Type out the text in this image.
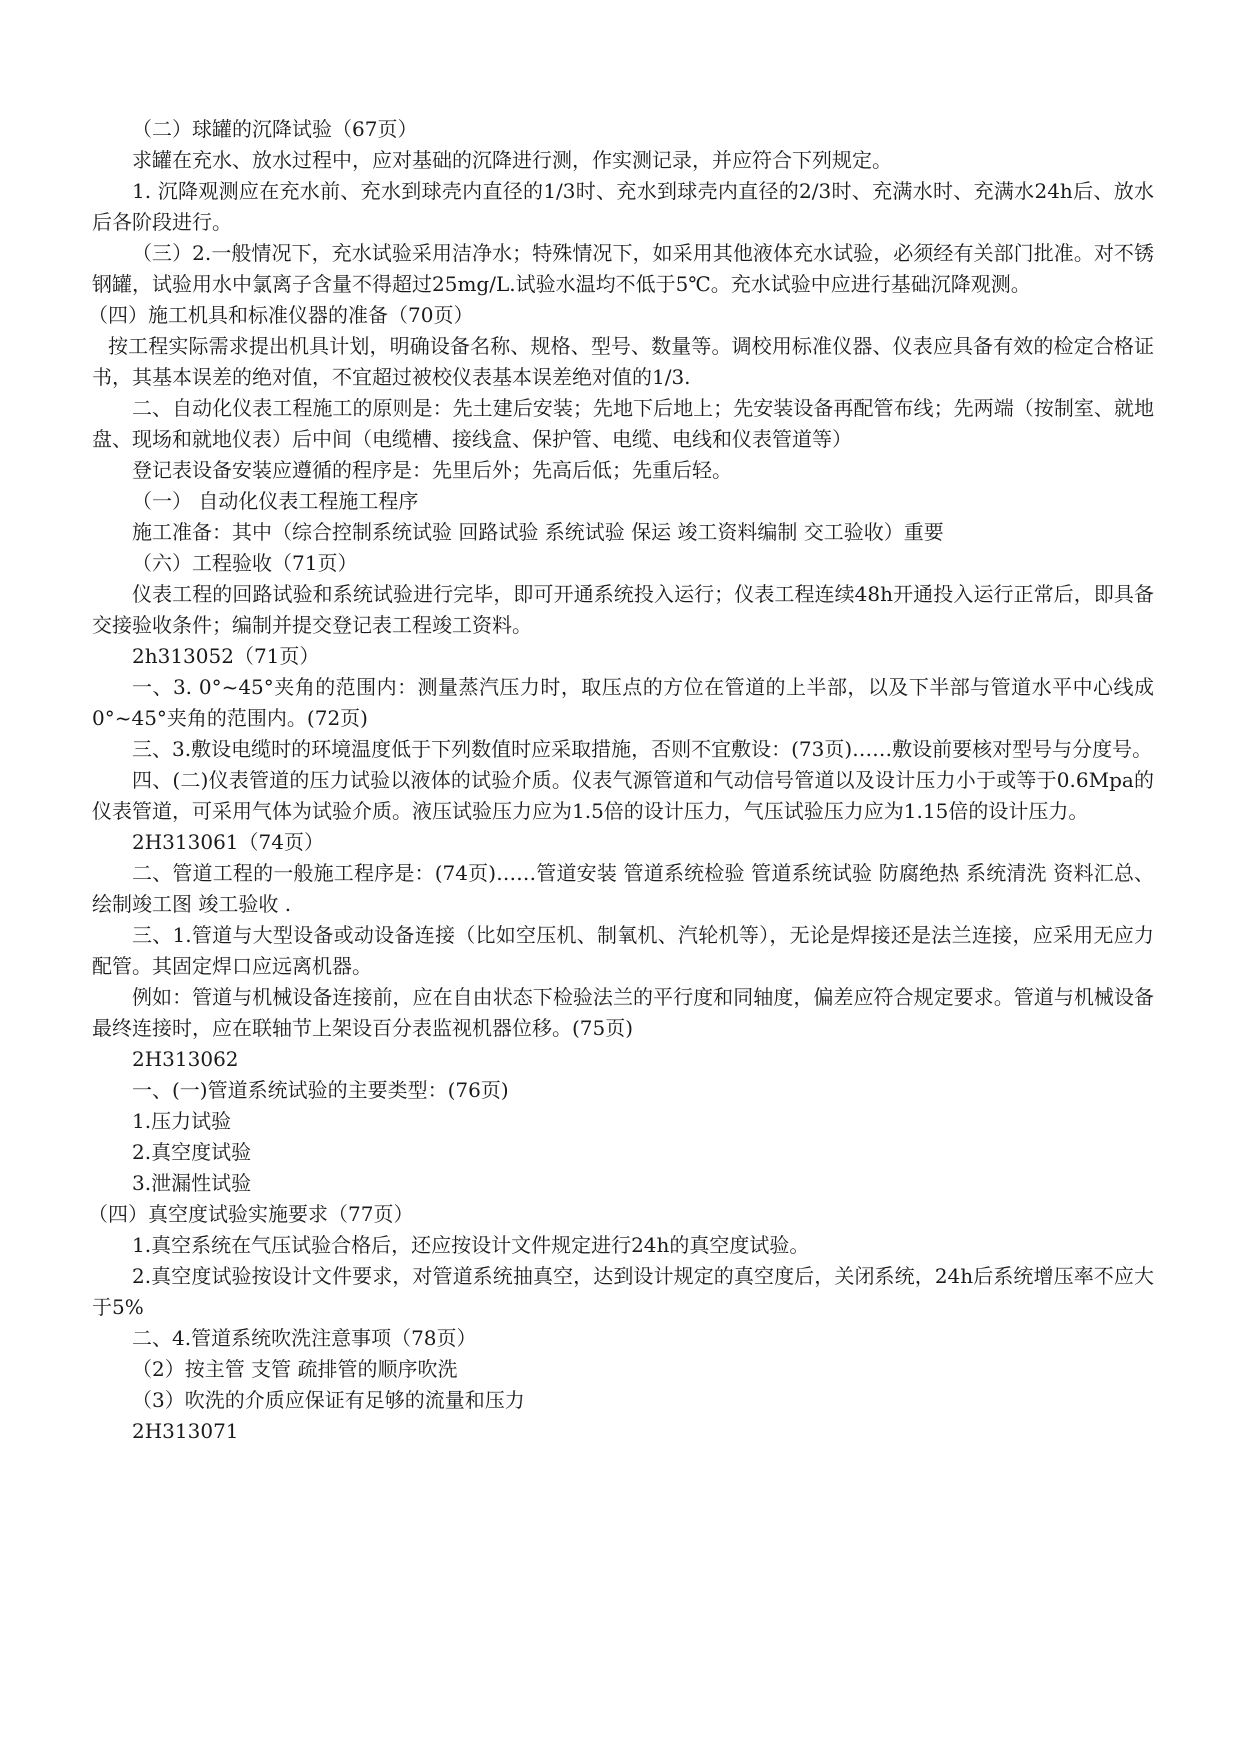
（二）球罐的沉降试验（67页）

求罐在充水、放水过程中，应对基础的沉降进行测，作实测记录，并应符合下列规定。

1. 沉降观测应在充水前、充水到球壳内直径的1/3时、充水到球壳内直径的2/3时、充满水时、充满水24h后、放水后各阶段进行。

（三）2.一般情况下，充水试验采用洁净水；特殊情况下，如采用其他液体充水试验，必须经有关部门批准。对不锈钢罐，试验用水中氯离子含量不得超过25mg/L.试验水温均不低于5℃。充水试验中应进行基础沉降观测。

（四）施工机具和标准仪器的准备（70页）

按工程实际需求提出机具计划，明确设备名称、规格、型号、数量等。调校用标准仪器、仪表应具备有效的检定合格证书，其基本误差的绝对值，不宜超过被校仪表基本误差绝对值的1/3.

二、自动化仪表工程施工的原则是：先土建后安装；先地下后地上；先安装设备再配管布线；先两端（按制室、就地盘、现场和就地仪表）后中间（电缆槽、接线盒、保护管、电缆、电线和仪表管道等）

登记表设备安装应遵循的程序是：先里后外；先高后低；先重后轻。

（一） 自动化仪表工程施工程序

施工准备：其中（综合控制系统试验 回路试验 系统试验 保运 竣工资料编制 交工验收）重要

（六）工程验收（71页）

仪表工程的回路试验和系统试验进行完毕，即可开通系统投入运行；仪表工程连续48h开通投入运行正常后，即具备交接验收条件；编制并提交登记表工程竣工资料。

2h313052（71页）

一、3. 0°~45°夹角的范围内：测量蒸汽压力时，取压点的方位在管道的上半部，以及下半部与管道水平中心线成0°~45°夹角的范围内。(72页)

三、3.敷设电缆时的环境温度低于下列数值时应采取措施，否则不宜敷设：(73页)……敷设前要核对型号与分度号。

四、(二)仪表管道的压力试验以液体的试验介质。仪表气源管道和气动信号管道以及设计压力小于或等于0.6Mpa的仪表管道，可采用气体为试验介质。液压试验压力应为1.5倍的设计压力，气压试验压力应为1.15倍的设计压力。

2H313061（74页）

二、管道工程的一般施工程序是：(74页)……管道安装 管道系统检验 管道系统试验 防腐绝热 系统清洗 资料汇总、绘制竣工图 竣工验收 .

三、1.管道与大型设备或动设备连接（比如空压机、制氧机、汽轮机等），无论是焊接还是法兰连接，应采用无应力配管。其固定焊口应远离机器。

例如：管道与机械设备连接前，应在自由状态下检验法兰的平行度和同轴度，偏差应符合规定要求。管道与机械设备最终连接时，应在联轴节上架设百分表监视机器位移。(75页)

2H313062

一、(一)管道系统试验的主要类型：(76页)

1.压力试验

2.真空度试验

3.泄漏性试验

（四）真空度试验实施要求（77页）

1.真空系统在气压试验合格后，还应按设计文件规定进行24h的真空度试验。

2.真空度试验按设计文件要求，对管道系统抽真空，达到设计规定的真空度后，关闭系统，24h后系统增压率不应大于5%

二、4.管道系统吹洗注意事项（78页）

（2）按主管 支管 疏排管的顺序吹洗

（3）吹洗的介质应保证有足够的流量和压力

2H313071
